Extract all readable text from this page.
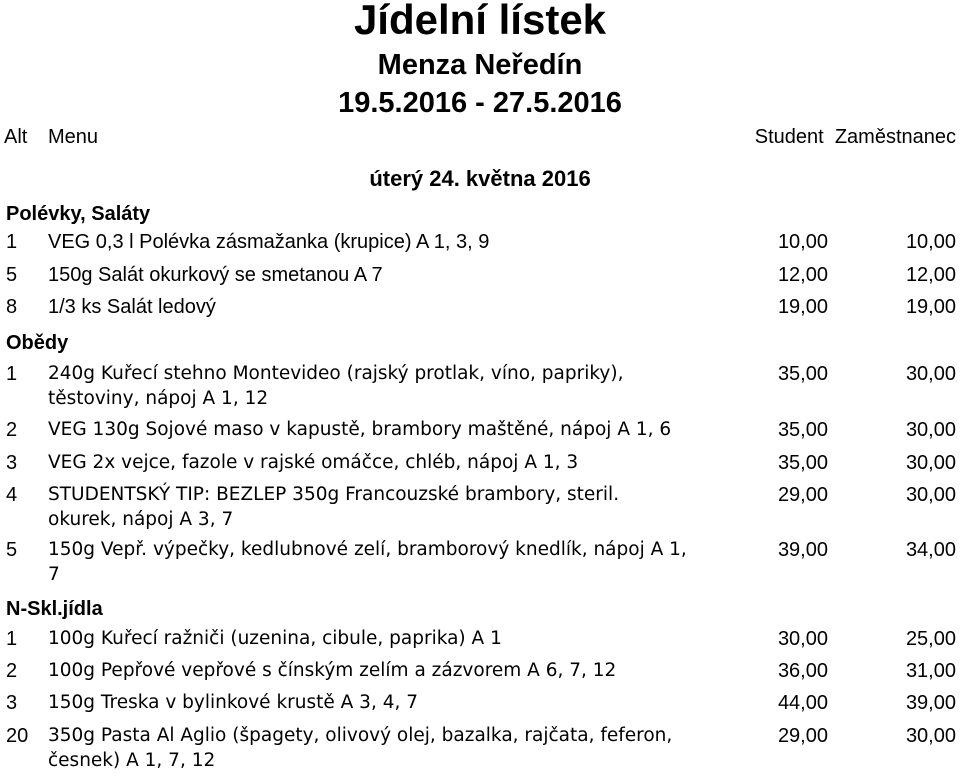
Jídelní lístek
Menza Neředín
19.5.2016 - 27.5.2016
Alt Menu	Student  Zaměstnanec
úterý 24. května 2016
Polévky, Saláty
1	VEG 0,3 l Polévka zásmažanka (krupice) A 1, 3, 9	10,00	10,00
5	150g Salát okurkový se smetanou A 7	12,00	12,00
8	1/3 ks Salát ledový	19,00	19,00
Obědy
1	240g Kuřecí stehno Montevideo (rajský protlak, víno, papriky),	35,00	30,00
těstoviny, nápoj A 1, 12
2	VEG 130g Sojové maso v kapustě, brambory maštěné, nápoj A 1, 6	35,00	30,00
3	VEG 2x vejce, fazole v rajské omáčce, chléb, nápoj A 1, 3	35,00	30,00
4	STUDENTSKÝ TIP: BEZLEP 350g Francouzské brambory, steril.	29,00	30,00
okurek, nápoj A 3, 7
5	150g Vepř. výpečky, kedlubnové zelí, bramborový knedlík, nápoj A 1,	39,00	34,00
7
N-Skl.jídla
1	100g Kuřecí ražniči (uzenina, cibule, paprika) A 1	30,00	25,00
2	100g Pepřové vepřové s čínským zelím a zázvorem A 6, 7, 12	36,00	31,00
3	150g Treska v bylinkové krustě A 3, 4, 7	44,00	39,00
20	350g Pasta Al Aglio (špagety, olivový olej, bazalka, rajčata, feferon,	29,00	30,00
česnek) A 1, 7, 12
